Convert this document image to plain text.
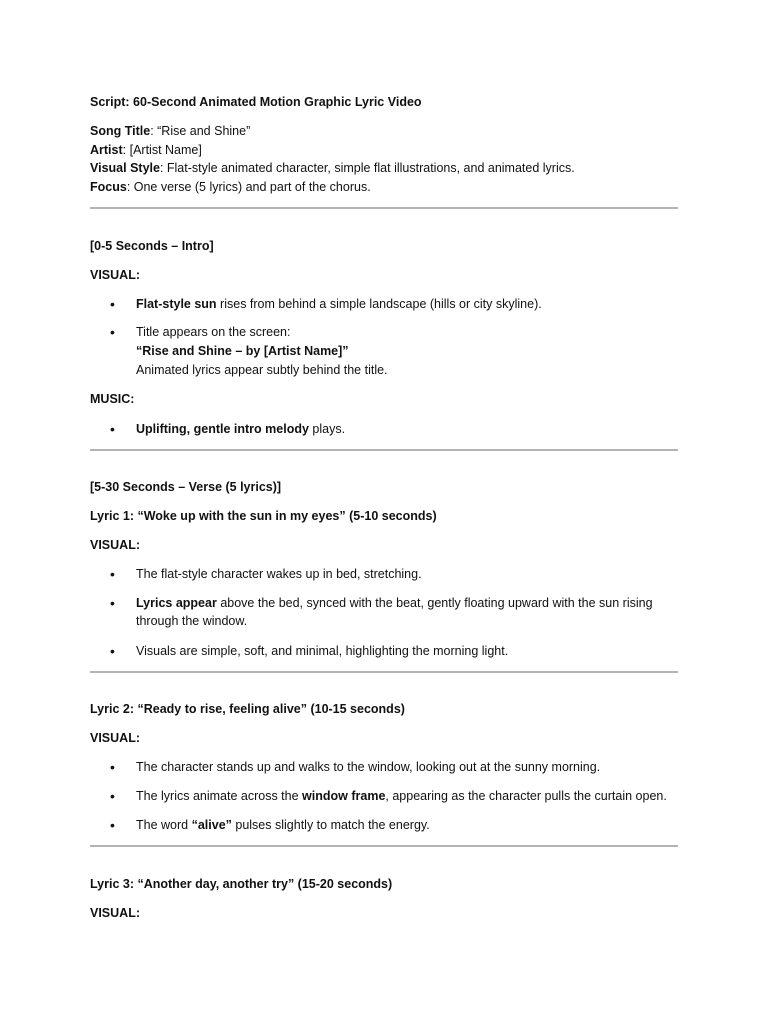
Script: 60-Second Animated Motion Graphic Lyric Video
Song Title: “Rise and Shine”
Artist: [Artist Name]
Visual Style: Flat-style animated character, simple flat illustrations, and animated lyrics.
Focus: One verse (5 lyrics) and part of the chorus.
[0-5 Seconds – Intro]
VISUAL:
• Flat-style sun rises from behind a simple landscape (hills or city skyline).
• Title appears on the screen:
“Rise and Shine – by [Artist Name]”
Animated lyrics appear subtly behind the title.
MUSIC:
• Uplifting, gentle intro melody plays.
[5-30 Seconds – Verse (5 lyrics)]
Lyric 1: “Woke up with the sun in my eyes” (5-10 seconds)
VISUAL:
• The flat-style character wakes up in bed, stretching.
• Lyrics appear above the bed, synced with the beat, gently floating upward with the sun rising
through the window.
• Visuals are simple, soft, and minimal, highlighting the morning light.
Lyric 2: “Ready to rise, feeling alive” (10-15 seconds)
VISUAL:
• The character stands up and walks to the window, looking out at the sunny morning.
• The lyrics animate across the window frame, appearing as the character pulls the curtain open.
• The word “alive” pulses slightly to match the energy.
Lyric 3: “Another day, another try” (15-20 seconds)
VISUAL:
